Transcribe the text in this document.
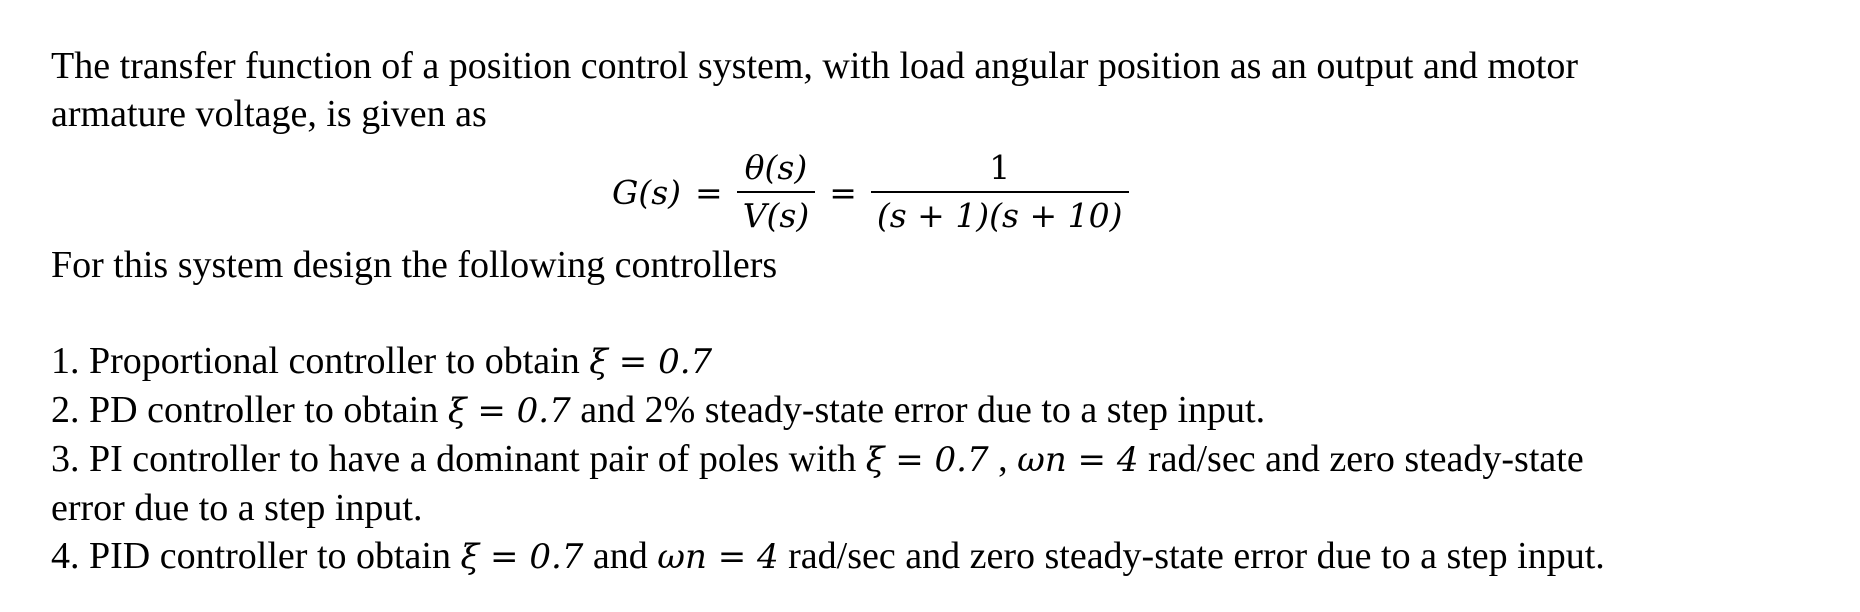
The transfer function of a position control system, with load angular position as an output and motor
armature voltage, is given as
$G(s) = \frac{\theta(s)}{V(s)} = \frac{1}{(s + 1)(s + 10)}$
For this system design the following controllers
1. Proportional controller to obtain ξ = 0.7
2. PD controller to obtain ξ = 0.7 and 2% steady-state error due to a step input.
3. PI controller to have a dominant pair of poles with ξ = 0.7 , ωn = 4 rad/sec and zero steady-state
error due to a step input.
4. PID controller to obtain ξ = 0.7 and ωn = 4 rad/sec and zero steady-state error due to a step input.
